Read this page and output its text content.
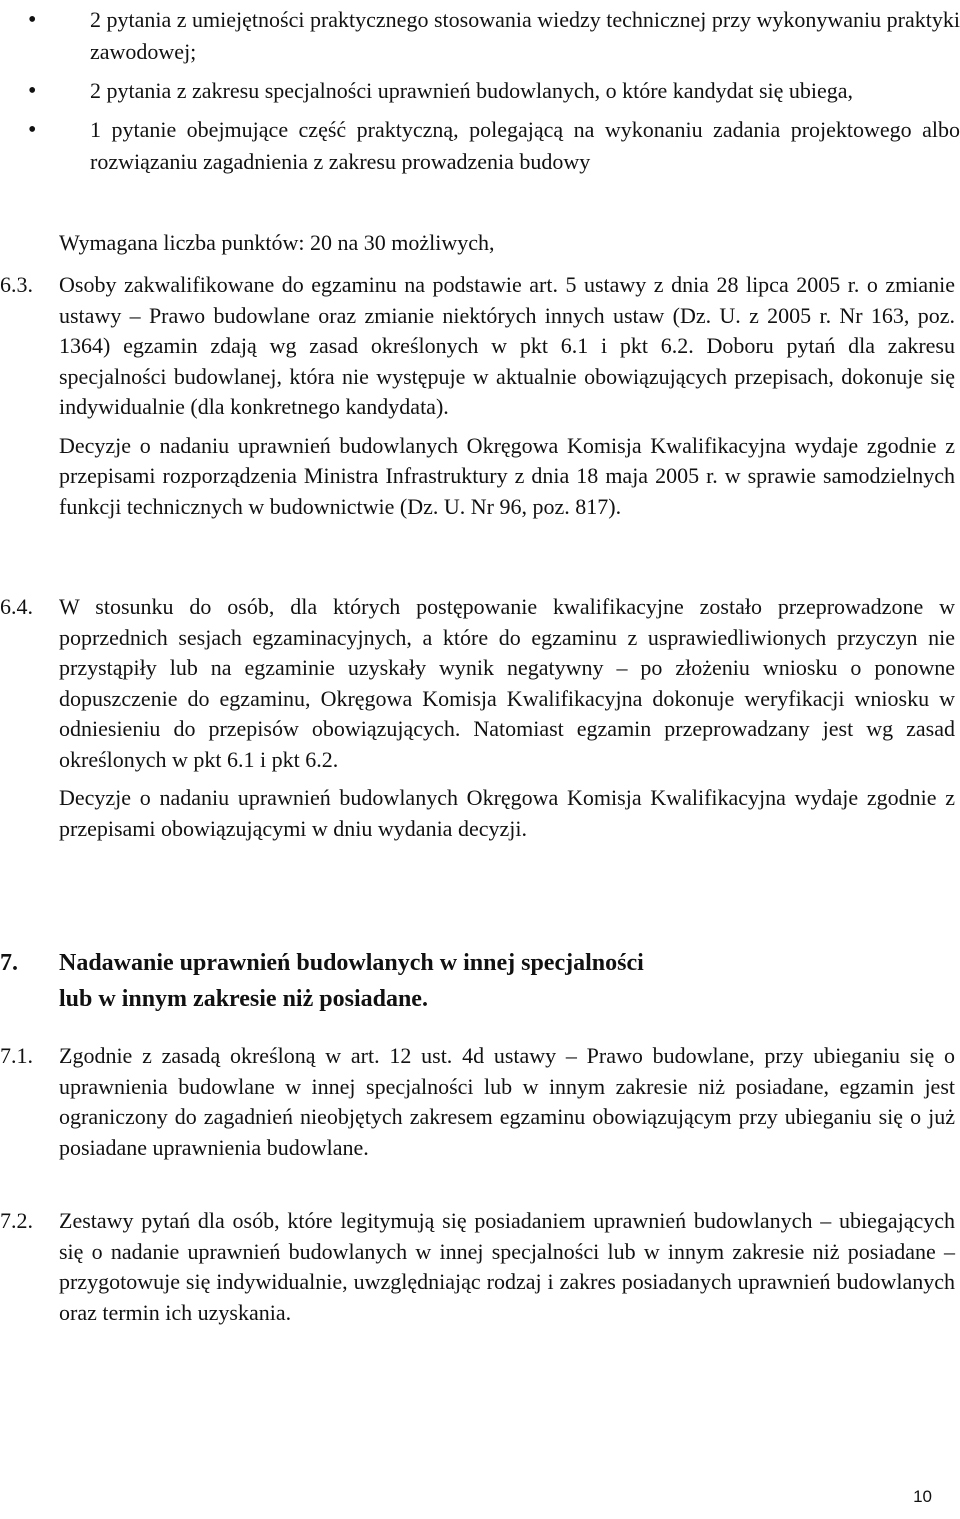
• 2 pytania z umiejętności praktycznego stosowania wiedzy technicznej przy wykonywaniu praktyki zawodowej;
• 2 pytania z zakresu specjalności uprawnień budowlanych, o które kandydat się ubiega,
• 1 pytanie obejmujące część praktyczną, polegającą na wykonaniu zadania projektowego albo rozwiązaniu zagadnienia z zakresu prowadzenia budowy
Wymagana liczba punktów: 20 na 30 możliwych,
6.3. Osoby zakwalifikowane do egzaminu na podstawie art. 5 ustawy z dnia 28 lipca 2005 r. o zmianie ustawy – Prawo budowlane oraz zmianie niektórych innych ustaw (Dz. U. z 2005 r. Nr 163, poz. 1364) egzamin zdają wg zasad określonych w pkt 6.1 i pkt 6.2. Doboru pytań dla zakresu specjalności budowlanej, która nie występuje w aktualnie obowiązujących przepisach, dokonuje się indywidualnie (dla konkretnego kandydata).

Decyzje o nadaniu uprawnień budowlanych Okręgowa Komisja Kwalifikacyjna wydaje zgodnie z przepisami rozporządzenia Ministra Infrastruktury z dnia 18 maja 2005 r. w sprawie samodzielnych funkcji technicznych w budownictwie (Dz. U. Nr 96, poz. 817).

6.4. W stosunku do osób, dla których postępowanie kwalifikacyjne zostało przeprowadzone w poprzednich sesjach egzaminacyjnych, a które do egzaminu z usprawiedliwionych przyczyn nie przystąpiły lub na egzaminie uzyskały wynik negatywny – po złożeniu wniosku o ponowne dopuszczenie do egzaminu, Okręgowa Komisja Kwalifikacyjna dokonuje weryfikacji wniosku w odniesieniu do przepisów obowiązujących. Natomiast egzamin przeprowadzany jest wg zasad określonych w pkt 6.1 i pkt 6.2.

Decyzje o nadaniu uprawnień budowlanych Okręgowa Komisja Kwalifikacyjna wydaje zgodnie z przepisami obowiązującymi w dniu wydania decyzji.

7. Nadawanie uprawnień budowlanych w innej specjalności
lub w innym zakresie niż posiadane.
7.1. Zgodnie z zasadą określoną w art. 12 ust. 4d ustawy – Prawo budowlane, przy ubieganiu się o uprawnienia budowlane w innej specjalności lub w innym zakresie niż posiadane, egzamin jest ograniczony do zagadnień nieobjętych zakresem egzaminu obowiązującym przy ubieganiu się o już posiadane uprawnienia budowlane.

7.2. Zestawy pytań dla osób, które legitymują się posiadaniem uprawnień budowlanych – ubiegających się o nadanie uprawnień budowlanych w innej specjalności lub w innym zakresie niż posiadane – przygotowuje się indywidualnie, uwzględniając rodzaj i zakres posiadanych uprawnień budowlanych oraz termin ich uzyskania.

10
